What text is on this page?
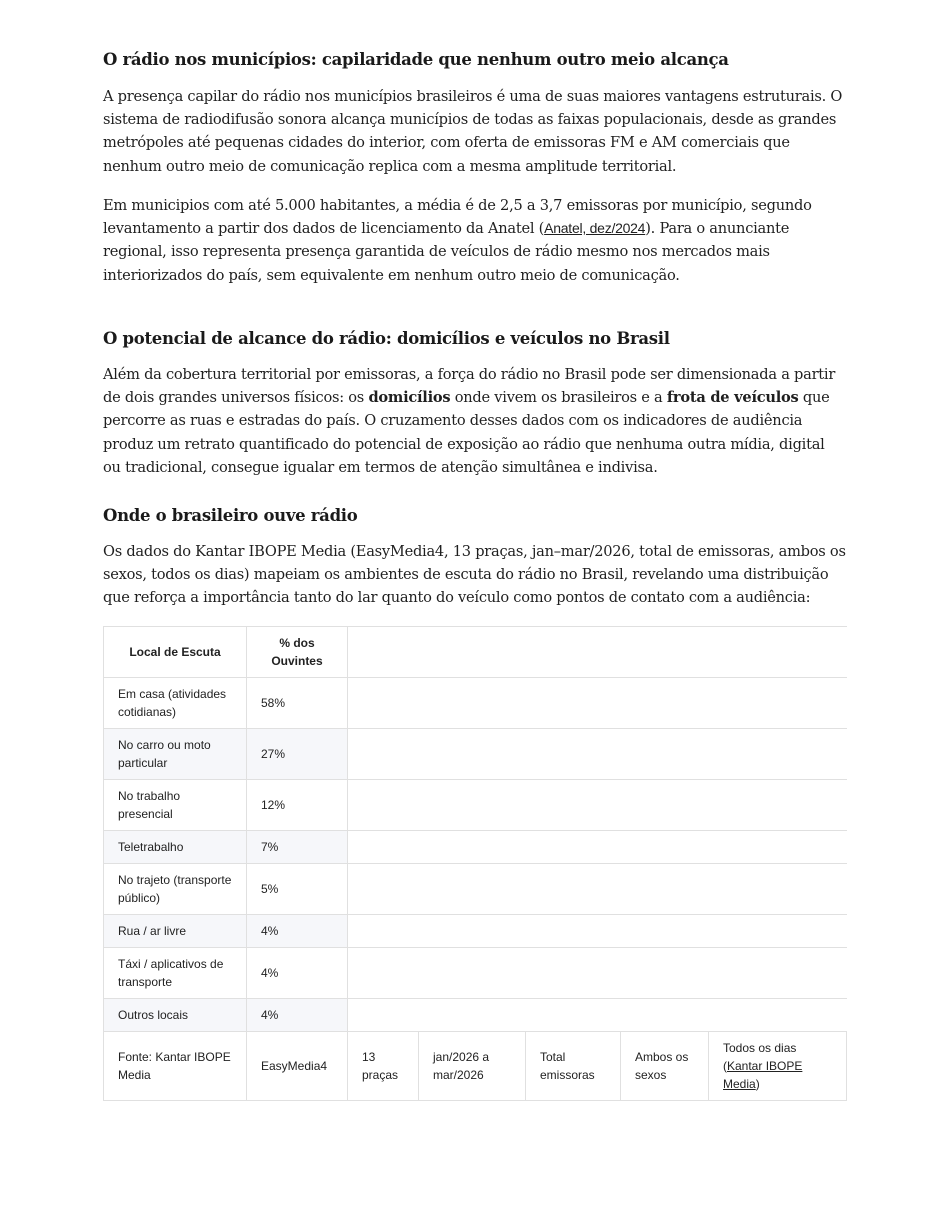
O rádio nos municípios: capilaridade que nenhum outro meio alcança

A presença capilar do rádio nos municípios brasileiros é uma de suas maiores vantagens estruturais. O sistema de radiodifusão sonora alcança municípios de todas as faixas populacionais, desde as grandes metrópoles até pequenas cidades do interior, com oferta de emissoras FM e AM comerciais que nenhum outro meio de comunicação replica com a mesma amplitude territorial.

Em municipios com até 5.000 habitantes, a média é de 2,5 a 3,7 emissoras por município, segundo levantamento a partir dos dados de licenciamento da Anatel (Anatel, dez/2024). Para o anunciante regional, isso representa presença garantida de veículos de rádio mesmo nos mercados mais interiorizados do país, sem equivalente em nenhum outro meio de comunicação.

O potencial de alcance do rádio: domicílios e veículos no Brasil

Além da cobertura territorial por emissoras, a força do rádio no Brasil pode ser dimensionada a partir de dois grandes universos físicos: os domicílios onde vivem os brasileiros e a frota de veículos que percorre as ruas e estradas do país. O cruzamento desses dados com os indicadores de audiência produz um retrato quantificado do potencial de exposição ao rádio que nenhuma outra mídia, digital ou tradicional, consegue igualar em termos de atenção simultânea e indivisa.

Onde o brasileiro ouve rádio

Os dados do Kantar IBOPE Media (EasyMedia4, 13 praças, jan–mar/2026, total de emissoras, ambos os sexos, todos os dias) mapeiam os ambientes de escuta do rádio no Brasil, revelando uma distribuição que reforça a importância tanto do lar quanto do veículo como pontos de contato com a audiência:

Local de Escuta	% dos Ouvintes					
Em casa (atividades cotidianas)	58%					
No carro ou moto particular	27%					
No trabalho presencial	12%					
Teletrabalho	7%					
No trajeto (transporte público)	5%					
Rua / ar livre	4%					
Táxi / aplicativos de transporte	4%					
Outros locais	4%					
Fonte: Kantar IBOPE Media	EasyMedia4	13 praças	jan/2026 a mar/2026	Total emissoras	Ambos os sexos	Todos os dias (Kantar IBOPE Media)
